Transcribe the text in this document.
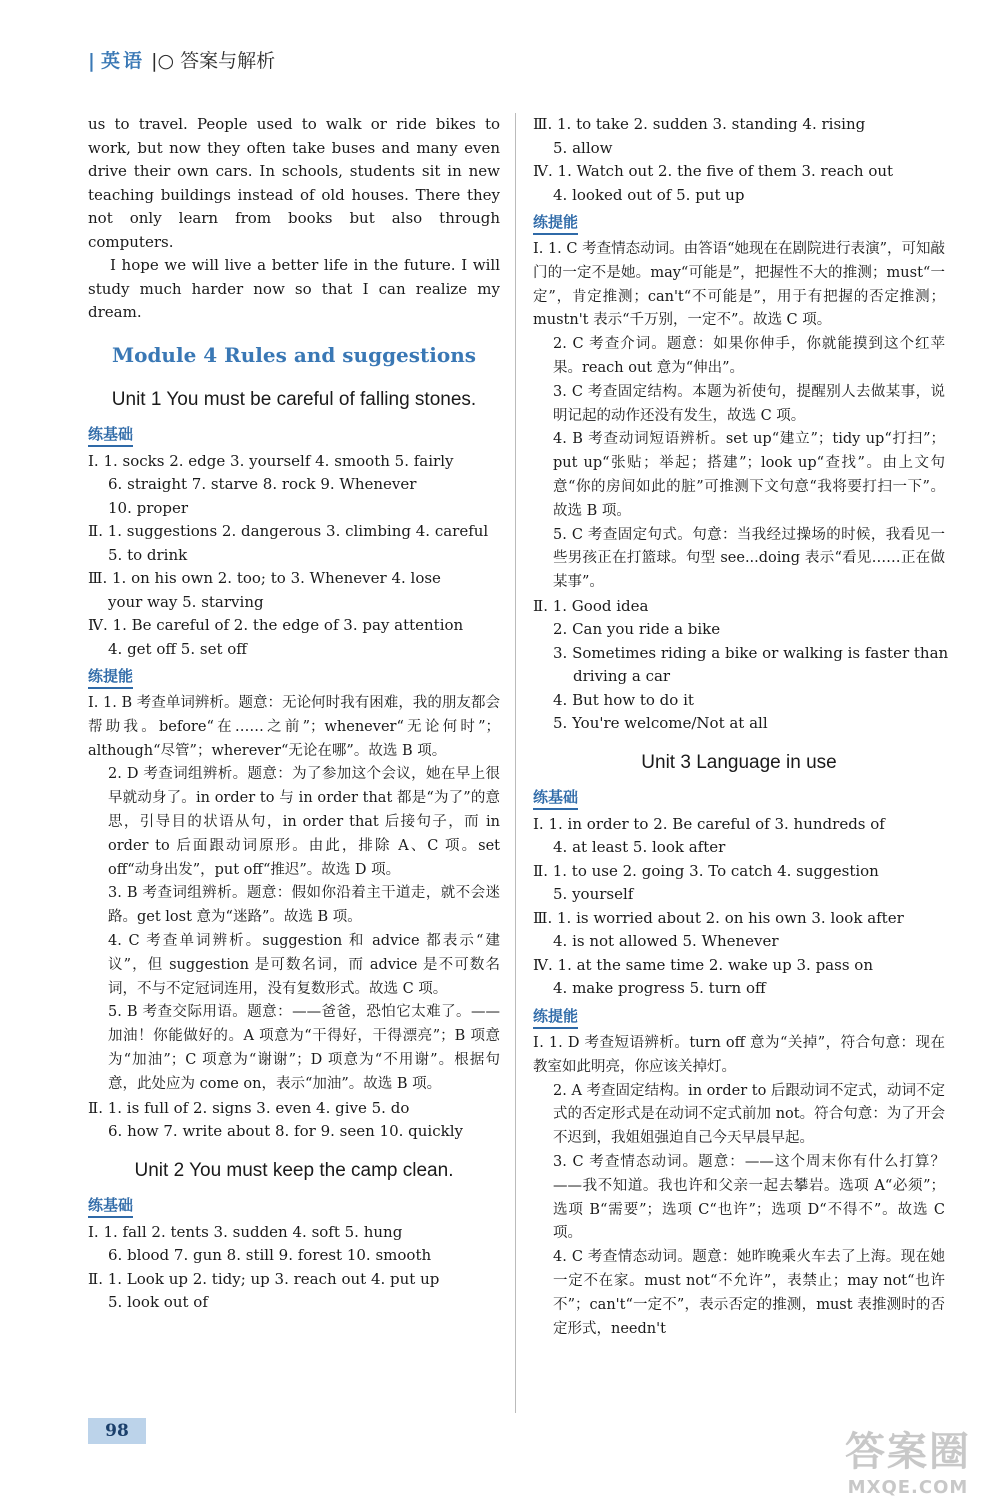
| 英语 |○ 答案与解析

us to travel. People used to walk or ride bikes to work, but now they often take buses and many even drive their own cars. In schools, students sit in new teaching buildings instead of old houses. There they not only learn from books but also through computers.

I hope we will live a better life in the future. I will study much harder now so that I can realize my dream.

Module 4 Rules and suggestions
Unit 1 You must be careful of falling stones.
练基础
Ⅰ. 1. socks 2. edge 3. yourself 4. smooth 5. fairly
6. straight 7. starve 8. rock 9. Whenever
10. proper
Ⅱ. 1. suggestions 2. dangerous 3. climbing 4. careful
5. to drink
Ⅲ. 1. on his own 2. too; to 3. Whenever 4. lose
your way 5. starving
Ⅳ. 1. Be careful of 2. the edge of 3. pay attention
4. get off 5. set off
练提能

Ⅰ. 1. B 考查单词辨析。题意：无论何时我有困难，我的朋友都会帮助我。before“在……之前”；whenever“无论何时”；although“尽管”；wherever“无论在哪”。故选 B 项。

2. D 考查词组辨析。题意：为了参加这个会议，她在早上很早就动身了。in order to 与 in order that 都是“为了”的意思，引导目的状语从句，in order that 后接句子，而 in order to 后面跟动词原形。由此，排除 A、C 项。set off“动身出发”，put off“推迟”。故选 D 项。

3. B 考查词组辨析。题意：假如你沿着主干道走，就不会迷路。get lost 意为“迷路”。故选 B 项。

4. C 考查单词辨析。suggestion 和 advice 都表示“建议”，但 suggestion 是可数名词，而 advice 是不可数名词，不与不定冠词连用，没有复数形式。故选 C 项。

5. B 考查交际用语。题意：——爸爸，恐怕它太难了。——加油！你能做好的。A 项意为“干得好，干得漂亮”；B 项意为“加油”；C 项意为“谢谢”；D 项意为“不用谢”。根据句意，此处应为 come on，表示“加油”。故选 B 项。

Ⅱ. 1. is full of 2. signs 3. even 4. give 5. do
6. how 7. write about 8. for 9. seen 10. quickly
Unit 2 You must keep the camp clean.
练基础
Ⅰ. 1. fall 2. tents 3. sudden 4. soft 5. hung
6. blood 7. gun 8. still 9. forest 10. smooth
Ⅱ. 1. Look up 2. tidy; up 3. reach out 4. put up
5. look out of
Ⅲ. 1. to take 2. sudden 3. standing 4. rising
5. allow
Ⅳ. 1. Watch out 2. the five of them 3. reach out
4. looked out of 5. put up
练提能

Ⅰ. 1. C 考查情态动词。由答语“她现在在剧院进行表演”，可知敲门的一定不是她。may“可能是”，把握性不大的推测；must“一定”，肯定推测；can't“不可能是”，用于有把握的否定推测；mustn't 表示“千万别，一定不”。故选 C 项。

2. C 考查介词。题意：如果你伸手，你就能摸到这个红苹果。reach out 意为“伸出”。

3. C 考查固定结构。本题为祈使句，提醒别人去做某事，说明记起的动作还没有发生，故选 C 项。

4. B 考查动词短语辨析。set up“建立”；tidy up“打扫”；put up“张贴；举起；搭建”；look up“查找”。由上文句意“你的房间如此的脏”可推测下文句意“我将要打扫一下”。故选 B 项。

5. C 考查固定句式。句意：当我经过操场的时候，我看见一些男孩正在打篮球。句型 see...doing 表示“看见……正在做某事”。

Ⅱ. 1. Good idea
2. Can you ride a bike
3. Sometimes riding a bike or walking is faster than
driving a car
4. But how to do it
5. You're welcome/Not at all
Unit 3 Language in use
练基础
Ⅰ. 1. in order to 2. Be careful of 3. hundreds of
4. at least 5. look after
Ⅱ. 1. to use 2. going 3. To catch 4. suggestion
5. yourself
Ⅲ. 1. is worried about 2. on his own 3. look after
4. is not allowed 5. Whenever
Ⅳ. 1. at the same time 2. wake up 3. pass on
4. make progress 5. turn off
练提能

Ⅰ. 1. D 考查短语辨析。turn off 意为“关掉”，符合句意：现在教室如此明亮，你应该关掉灯。

2. A 考查固定结构。in order to 后跟动词不定式，动词不定式的否定形式是在动词不定式前加 not。符合句意：为了开会不迟到，我姐姐强迫自己今天早晨早起。

3. C 考查情态动词。题意：——这个周末你有什么打算？——我不知道。我也许和父亲一起去攀岩。选项 A“必须”；选项 B“需要”；选项 C“也许”；选项 D“不得不”。故选 C 项。

4. C 考查情态动词。题意：她昨晚乘火车去了上海。现在她一定不在家。must not“不允许”，表禁止；may not“也许不”；can't“一定不”，表示否定的推测，must 表推测时的否定形式，needn't

98	答案圈
MXQE.COM
